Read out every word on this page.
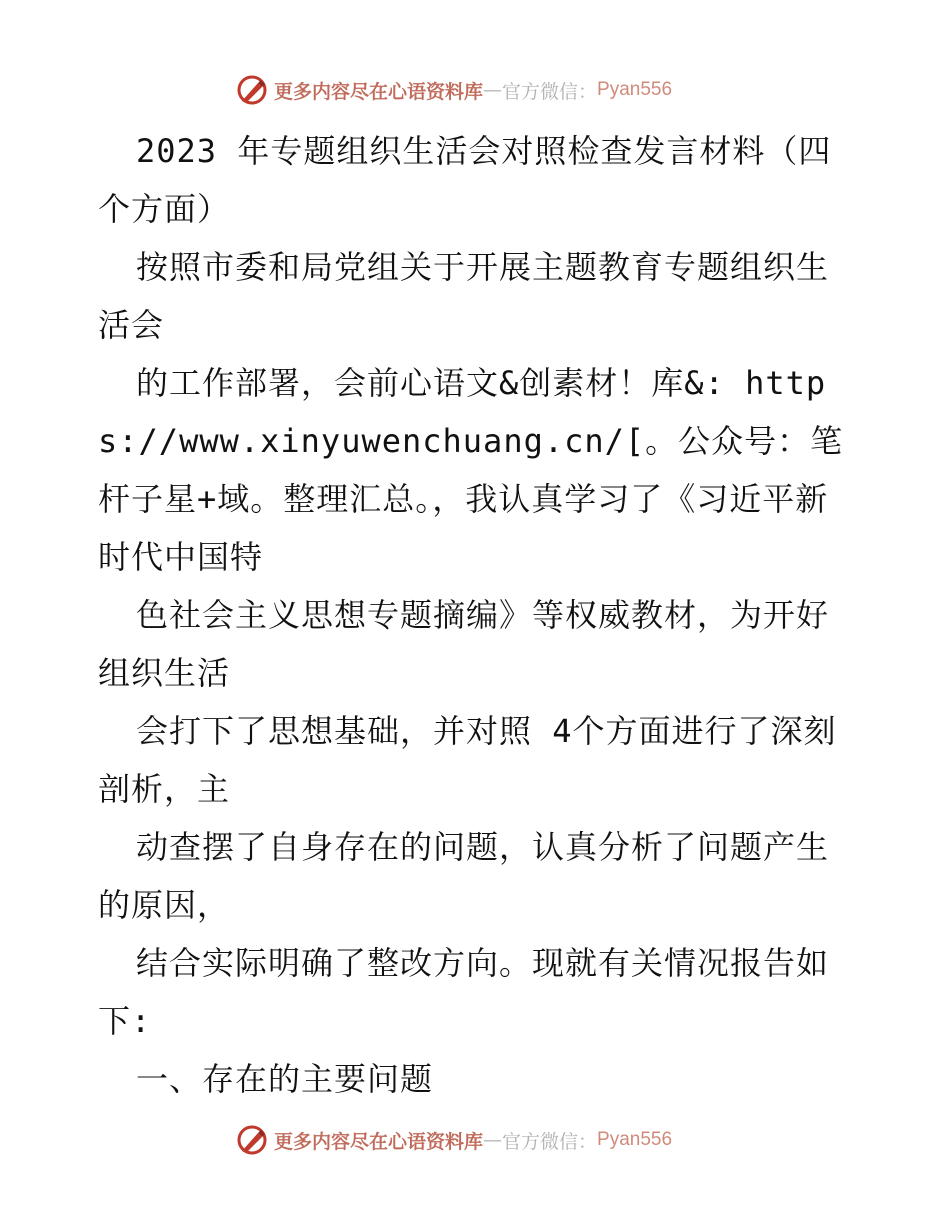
更多内容尽在心语资料库 — 官方微信： Pyan556

2023 年专题组织生活会对照检查发言材料（四个方面）

按照市委和局党组关于开展主题教育专题组织生活会

的工作部署，会前心语文&创素材！库&: https://www.xinyuwenchuang.cn/[。公众号：笔杆子星+域。整理汇总。，我认真学习了《习近平新时代中国特

色社会主义思想专题摘编》等权威教材，为开好组织生活

会打下了思想基础，并对照 4个方面进行了深刻剖析，主

动查摆了自身存在的问题，认真分析了问题产生的原因，

结合实际明确了整改方向。现就有关情况报告如下:

一、存在的主要问题

更多内容尽在心语资料库 — 官方微信： Pyan556
